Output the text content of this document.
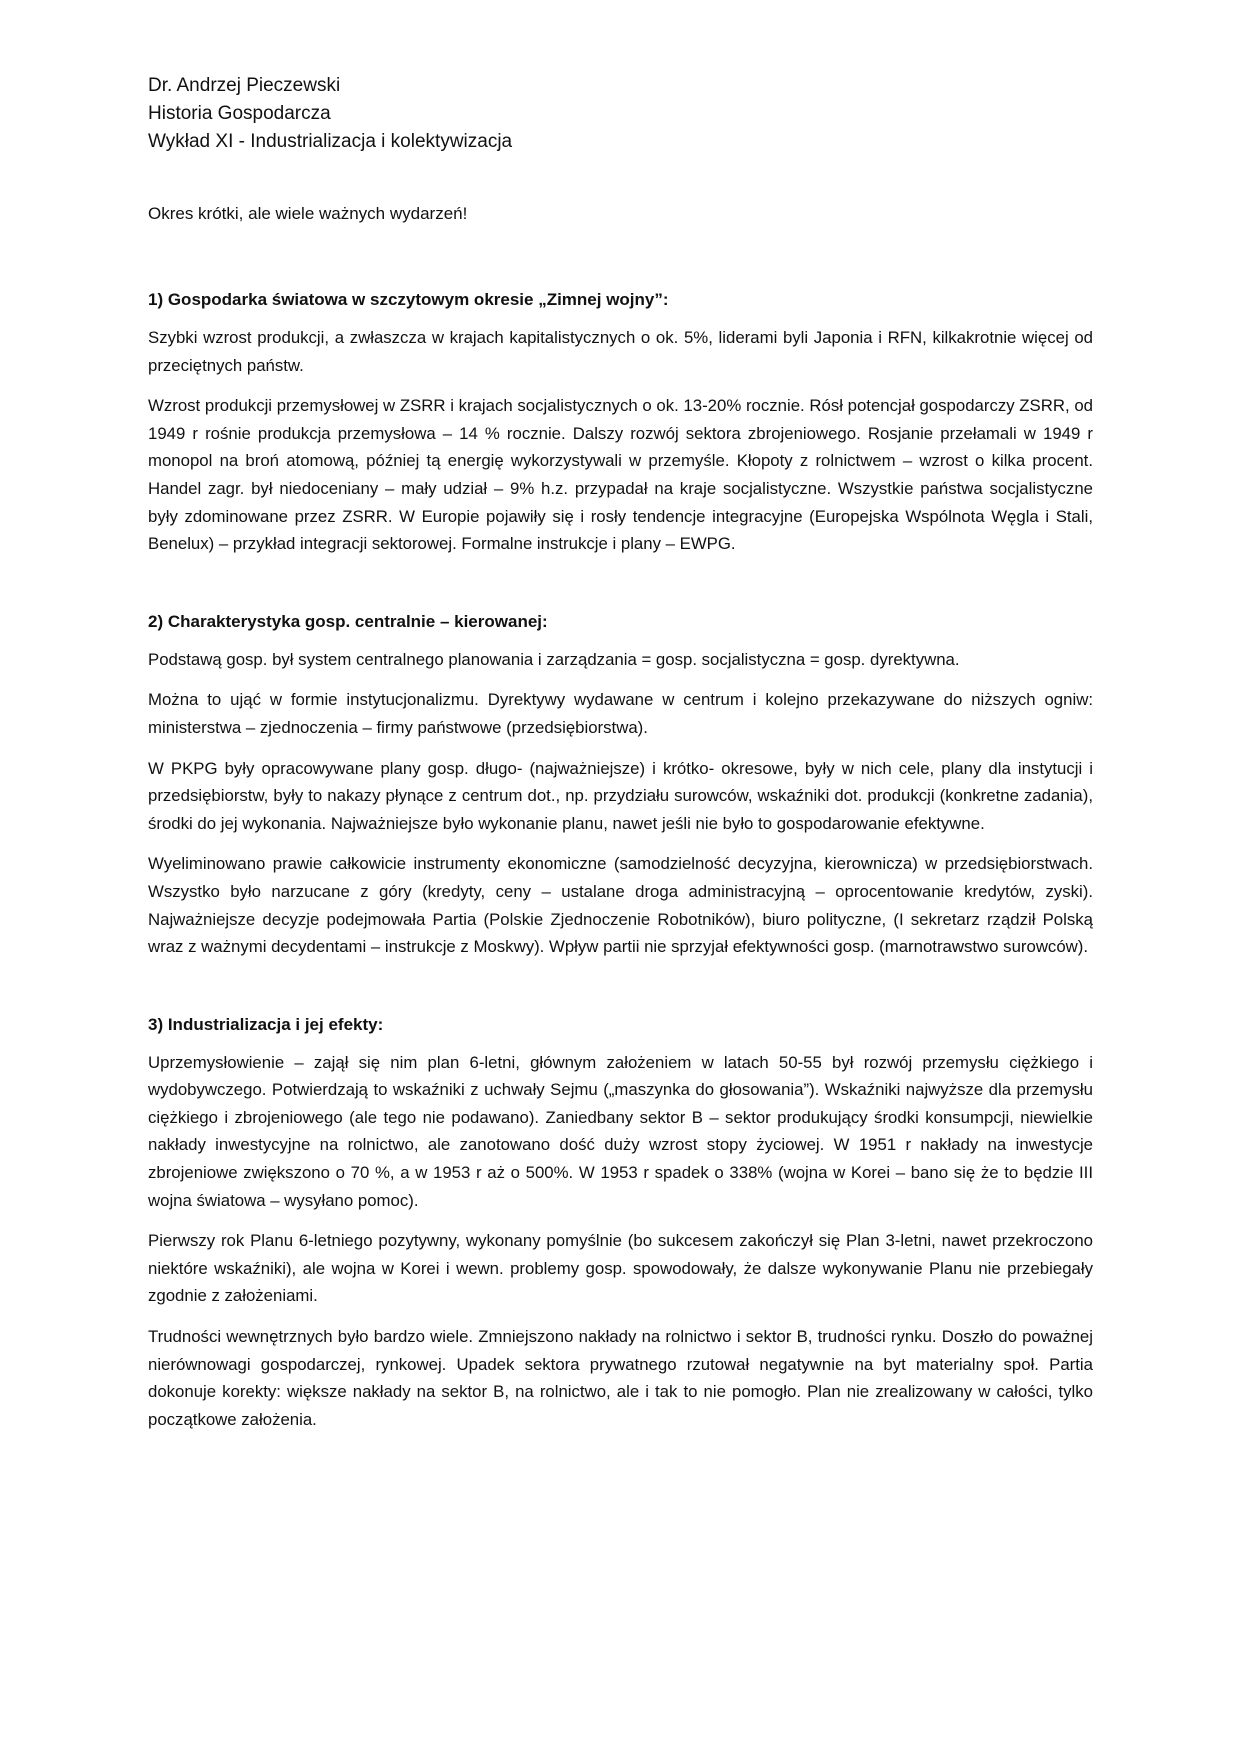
Dr. Andrzej Pieczewski
Historia Gospodarcza
Wykład XI - Industrializacja i kolektywizacja
Okres krótki, ale wiele ważnych wydarzeń!
1) Gospodarka światowa w szczytowym okresie „Zimnej wojny”:

Szybki wzrost produkcji, a zwłaszcza w krajach kapitalistycznych o ok. 5%, liderami byli Japonia i RFN, kilkakrotnie więcej od przeciętnych państw.

Wzrost produkcji przemysłowej w ZSRR i krajach socjalistycznych o ok. 13-20% rocznie. Rósł potencjał gospodarczy ZSRR, od 1949 r rośnie produkcja przemysłowa – 14 % rocznie. Dalszy rozwój sektora zbrojeniowego. Rosjanie przełamali w 1949 r monopol na broń atomową, później tą energię wykorzystywali w przemyśle. Kłopoty z rolnictwem – wzrost o kilka procent. Handel zagr. był niedoceniany – mały udział – 9% h.z. przypadał na kraje socjalistyczne. Wszystkie państwa socjalistyczne były zdominowane przez ZSRR. W Europie pojawiły się i rosły tendencje integracyjne (Europejska Wspólnota Węgla i Stali, Benelux) – przykład integracji sektorowej. Formalne instrukcje i plany – EWPG.

2) Charakterystyka gosp. centralnie – kierowanej:

Podstawą gosp. był system centralnego planowania i zarządzania = gosp. socjalistyczna = gosp. dyrektywna.

Można to ująć w formie instytucjonalizmu. Dyrektywy wydawane w centrum i kolejno przekazywane do niższych ogniw: ministerstwa – zjednoczenia – firmy państwowe (przedsiębiorstwa).

W PKPG były opracowywane plany gosp. długo- (najważniejsze) i krótko- okresowe, były w nich cele, plany dla instytucji i przedsiębiorstw, były to nakazy płynące z centrum dot., np. przydziału surowców, wskaźniki dot. produkcji (konkretne zadania), środki do jej wykonania. Najważniejsze było wykonanie planu, nawet jeśli nie było to gospodarowanie efektywne.

Wyeliminowano prawie całkowicie instrumenty ekonomiczne (samodzielność decyzyjna, kierownicza) w przedsiębiorstwach. Wszystko było narzucane z góry (kredyty, ceny – ustalane droga administracyjną – oprocentowanie kredytów, zyski). Najważniejsze decyzje podejmowała Partia (Polskie Zjednoczenie Robotników), biuro polityczne, (I sekretarz rządził Polską wraz z ważnymi decydentami – instrukcje z Moskwy). Wpływ partii nie sprzyjał efektywności gosp. (marnotrawstwo surowców).

3) Industrializacja i jej efekty:

Uprzemysłowienie – zajął się nim plan 6-letni, głównym założeniem w latach 50-55 był rozwój przemysłu ciężkiego i wydobywczego. Potwierdzają to wskaźniki z uchwały Sejmu („maszynka do głosowania”). Wskaźniki najwyższe dla przemysłu ciężkiego i zbrojeniowego (ale tego nie podawano). Zaniedbany sektor B – sektor produkujący środki konsumpcji, niewielkie nakłady inwestycyjne na rolnictwo, ale zanotowano dość duży wzrost stopy życiowej. W 1951 r nakłady na inwestycje zbrojeniowe zwiększono o 70 %, a w 1953 r aż o 500%. W 1953 r spadek o 338% (wojna w Korei – bano się że to będzie III wojna światowa – wysyłano pomoc).

Pierwszy rok Planu 6-letniego pozytywny, wykonany pomyślnie (bo sukcesem zakończył się Plan 3-letni, nawet przekroczono niektóre wskaźniki), ale wojna w Korei i wewn. problemy gosp. spowodowały, że dalsze wykonywanie Planu nie przebiegały zgodnie z założeniami.

Trudności wewnętrznych było bardzo wiele. Zmniejszono nakłady na rolnictwo i sektor B, trudności rynku. Doszło do poważnej nierównowagi gospodarczej, rynkowej. Upadek sektora prywatnego rzutował negatywnie na byt materialny społ. Partia dokonuje korekty: większe nakłady na sektor B, na rolnictwo, ale i tak to nie pomogło. Plan nie zrealizowany w całości, tylko początkowe założenia.
